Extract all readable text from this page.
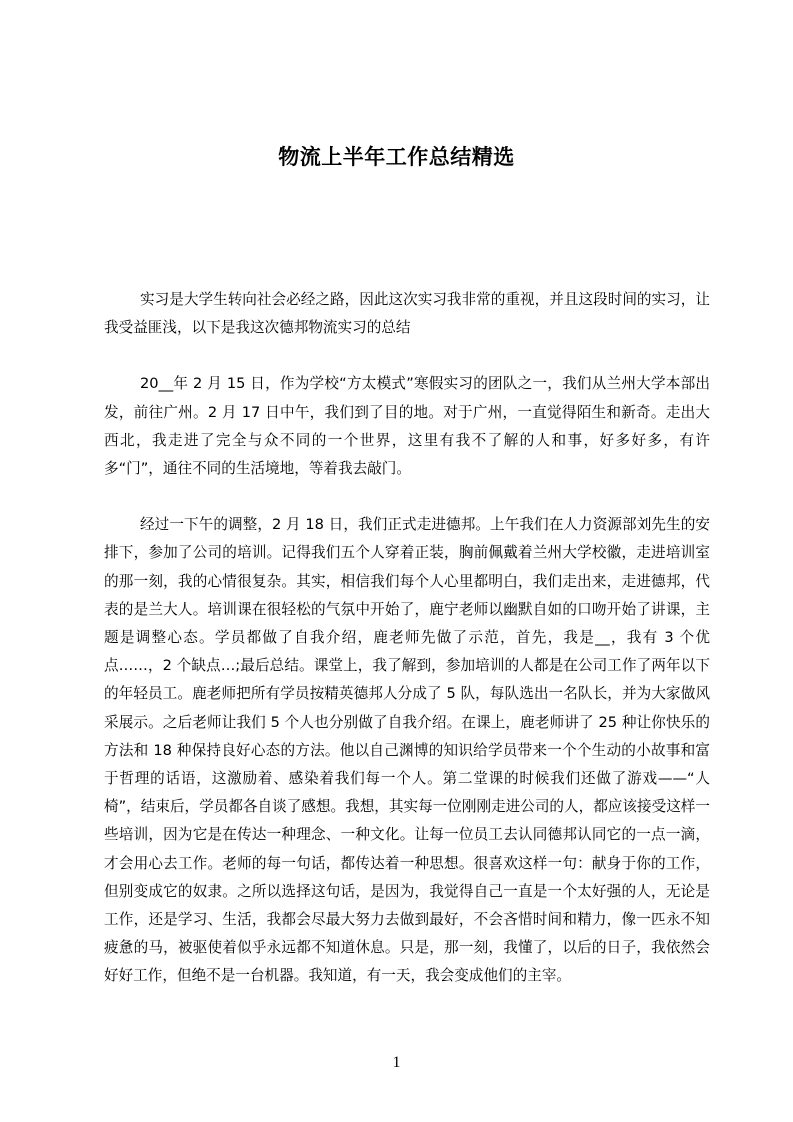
物流上半年工作总结精选

实习是大学生转向社会必经之路，因此这次实习我非常的重视，并且这段时间的实习，让我受益匪浅，以下是我这次德邦物流实习的总结

20__年 2 月 15 日，作为学校“方太模式”寒假实习的团队之一，我们从兰州大学本部出发，前往广州。2 月 17 日中午，我们到了目的地。对于广州，一直觉得陌生和新奇。走出大西北，我走进了完全与众不同的一个世界，这里有我不了解的人和事，好多好多，有许多“门”，通往不同的生活境地，等着我去敲门。

经过一下午的调整，2 月 18 日，我们正式走进德邦。上午我们在人力资源部刘先生的安排下，参加了公司的培训。记得我们五个人穿着正装，胸前佩戴着兰州大学校徽，走进培训室的那一刻，我的心情很复杂。其实，相信我们每个人心里都明白，我们走出来，走进德邦，代表的是兰大人。培训课在很轻松的气氛中开始了，鹿宁老师以幽默自如的口吻开始了讲课，主题是调整心态。学员都做了自我介绍，鹿老师先做了示范，首先，我是__，我有 3 个优点……，2 个缺点…;最后总结。课堂上，我了解到，参加培训的人都是在公司工作了两年以下的年轻员工。鹿老师把所有学员按精英德邦人分成了 5 队，每队选出一名队长，并为大家做风采展示。之后老师让我们 5 个人也分别做了自我介绍。在课上，鹿老师讲了 25 种让你快乐的方法和 18 种保持良好心态的方法。他以自己渊博的知识给学员带来一个个生动的小故事和富于哲理的话语，这激励着、感染着我们每一个人。第二堂课的时候我们还做了游戏——“人椅”，结束后，学员都各自谈了感想。我想，其实每一位刚刚走进公司的人，都应该接受这样一些培训，因为它是在传达一种理念、一种文化。让每一位员工去认同德邦认同它的一点一滴，才会用心去工作。老师的每一句话，都传达着一种思想。很喜欢这样一句：献身于你的工作，但别变成它的奴隶。之所以选择这句话，是因为，我觉得自己一直是一个太好强的人，无论是工作，还是学习、生活，我都会尽最大努力去做到最好，不会吝惜时间和精力，像一匹永不知疲惫的马，被驱使着似乎永远都不知道休息。只是，那一刻，我懂了，以后的日子，我依然会好好工作，但绝不是一台机器。我知道，有一天，我会变成他们的主宰。

1
